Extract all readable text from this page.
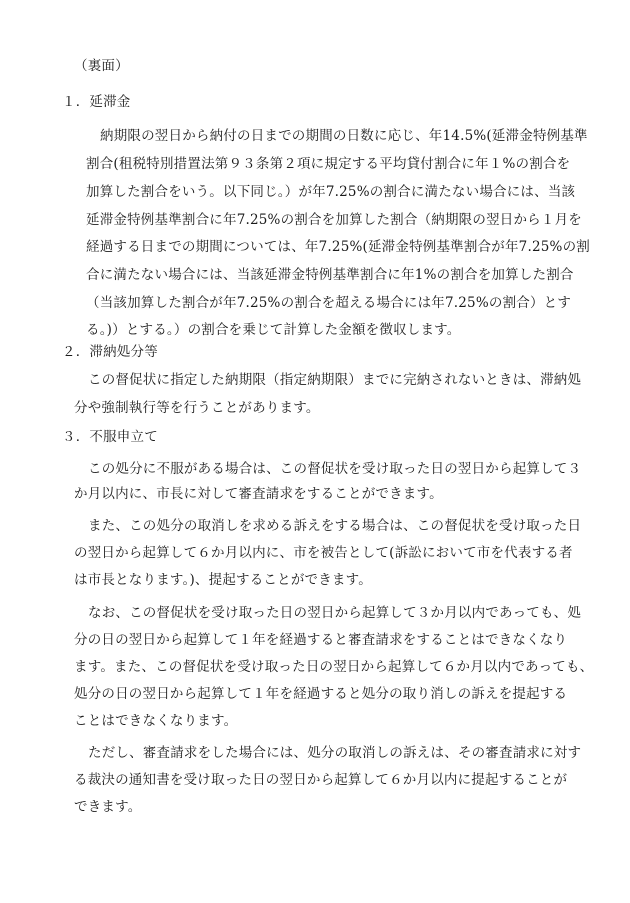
（裏面）
１．延滞金
納期限の翌日から納付の日までの期間の日数に応じ、年14.5%(延滞金特例基準
割合(租税特別措置法第９３条第２項に規定する平均貸付割合に年１%の割合を
加算した割合をいう。以下同じ。）が年7.25%の割合に満たない場合には、当該
延滞金特例基準割合に年7.25%の割合を加算した割合（納期限の翌日から１月を
経過する日までの期間については、年7.25%(延滞金特例基準割合が年7.25%の割
合に満たない場合には、当該延滞金特例基準割合に年1%の割合を加算した割合
（当該加算した割合が年7.25%の割合を超える場合には年7.25%の割合）とす
る。)）とする。）の割合を乗じて計算した金額を徴収します。
２．滞納処分等
この督促状に指定した納期限（指定納期限）までに完納されないときは、滞納処
分や強制執行等を行うことがあります。
３．不服申立て
この処分に不服がある場合は、この督促状を受け取った日の翌日から起算して３
か月以内に、市長に対して審査請求をすることができます。
また、この処分の取消しを求める訴えをする場合は、この督促状を受け取った日
の翌日から起算して６か月以内に、市を被告として(訴訟において市を代表する者
は市長となります。)、提起することができます。
なお、この督促状を受け取った日の翌日から起算して３か月以内であっても、処
分の日の翌日から起算して１年を経過すると審査請求をすることはできなくなり
ます。また、この督促状を受け取った日の翌日から起算して６か月以内であっても、
処分の日の翌日から起算して１年を経過すると処分の取り消しの訴えを提起する
ことはできなくなります。
ただし、審査請求をした場合には、処分の取消しの訴えは、その審査請求に対す
る裁決の通知書を受け取った日の翌日から起算して６か月以内に提起することが
できます。
